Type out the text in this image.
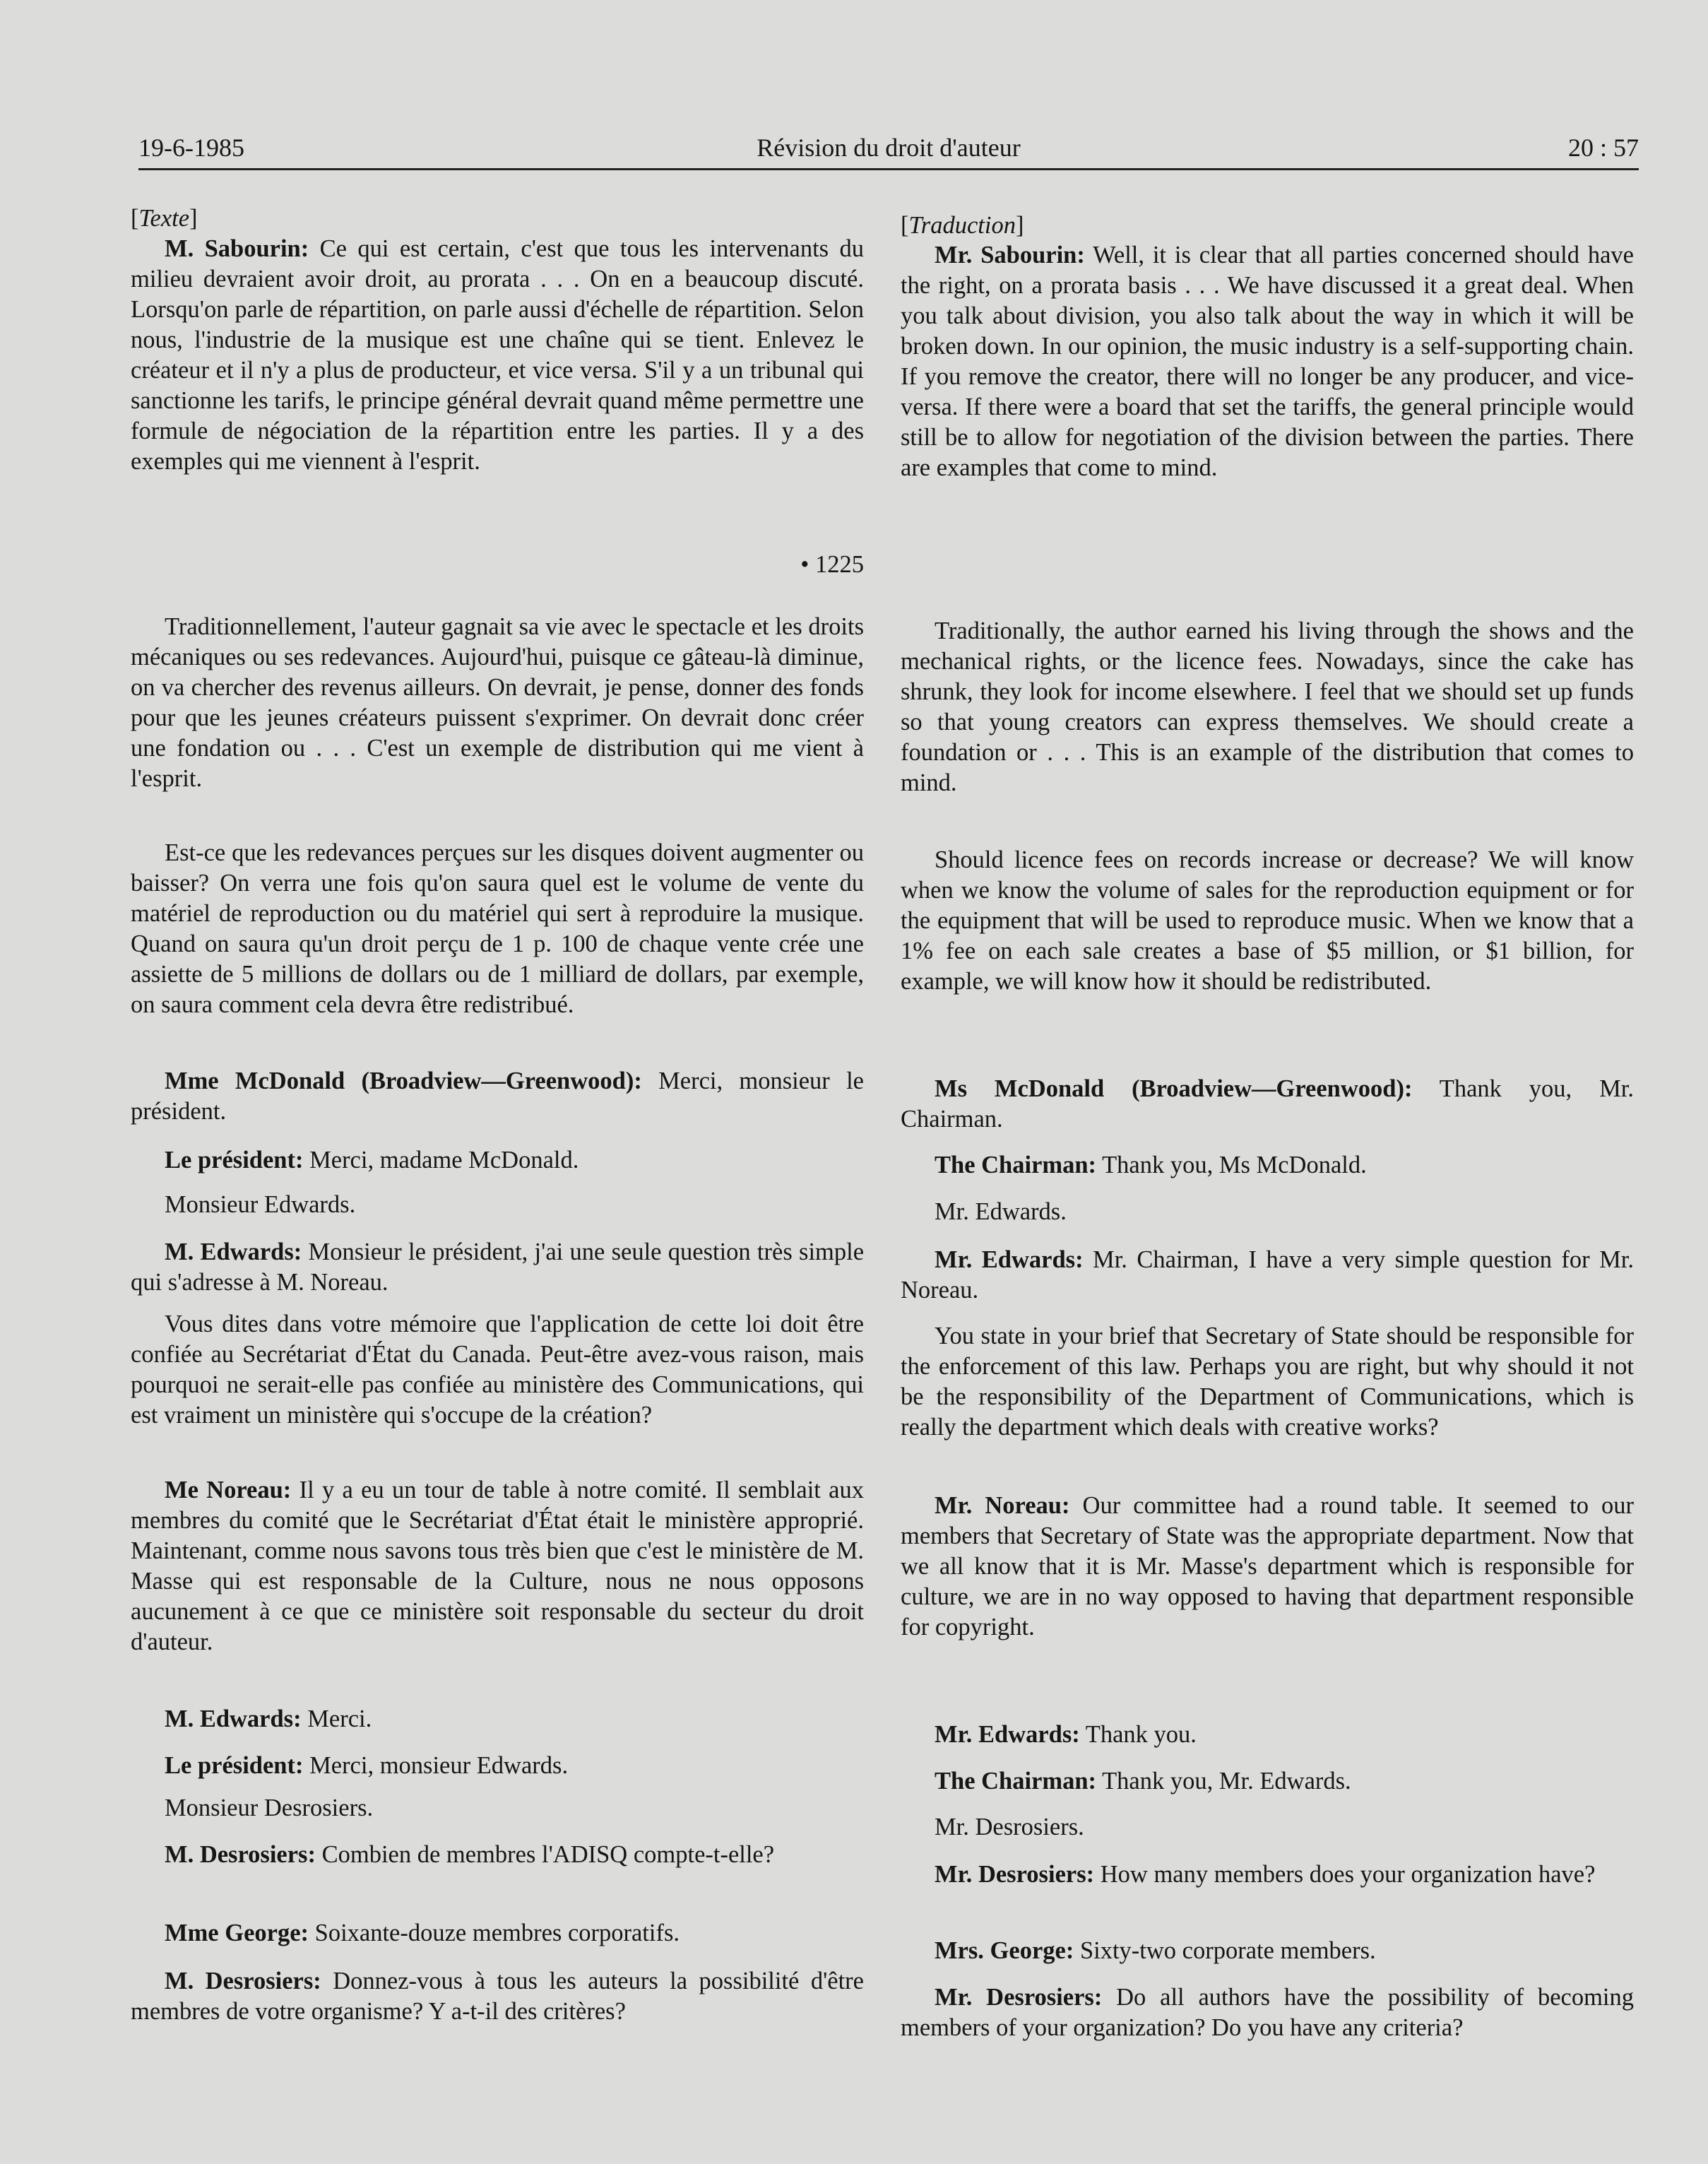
19-6-1985	Révision du droit d'auteur	20 : 57

[Texte]

M. Sabourin: Ce qui est certain, c'est que tous les intervenants du milieu devraient avoir droit, au prorata . . . On en a beaucoup discuté. Lorsqu'on parle de répartition, on parle aussi d'échelle de répartition. Selon nous, l'industrie de la musique est une chaîne qui se tient. Enlevez le créateur et il n'y a plus de producteur, et vice versa. S'il y a un tribunal qui sanctionne les tarifs, le principe général devrait quand même permettre une formule de négociation de la répartition entre les parties. Il y a des exemples qui me viennent à l'esprit.

• 1225

Traditionnellement, l'auteur gagnait sa vie avec le spectacle et les droits mécaniques ou ses redevances. Aujourd'hui, puisque ce gâteau-là diminue, on va chercher des revenus ailleurs. On devrait, je pense, donner des fonds pour que les jeunes créateurs puissent s'exprimer. On devrait donc créer une fondation ou . . . C'est un exemple de distribution qui me vient à l'esprit.

Est-ce que les redevances perçues sur les disques doivent augmenter ou baisser? On verra une fois qu'on saura quel est le volume de vente du matériel de reproduction ou du matériel qui sert à reproduire la musique. Quand on saura qu'un droit perçu de 1 p. 100 de chaque vente crée une assiette de 5 millions de dollars ou de 1 milliard de dollars, par exemple, on saura comment cela devra être redistribué.

Mme McDonald (Broadview—Greenwood): Merci, monsieur le président.

Le président: Merci, madame McDonald.

Monsieur Edwards.

M. Edwards: Monsieur le président, j'ai une seule question très simple qui s'adresse à M. Noreau.

Vous dites dans votre mémoire que l'application de cette loi doit être confiée au Secrétariat d'État du Canada. Peut-être avez-vous raison, mais pourquoi ne serait-elle pas confiée au ministère des Communications, qui est vraiment un ministère qui s'occupe de la création?

Me Noreau: Il y a eu un tour de table à notre comité. Il semblait aux membres du comité que le Secrétariat d'État était le ministère approprié. Maintenant, comme nous savons tous très bien que c'est le ministère de M. Masse qui est responsable de la Culture, nous ne nous opposons aucunement à ce que ce ministère soit responsable du secteur du droit d'auteur.

M. Edwards: Merci.

Le président: Merci, monsieur Edwards.

Monsieur Desrosiers.

M. Desrosiers: Combien de membres l'ADISQ compte-t-elle?

Mme George: Soixante-douze membres corporatifs.

M. Desrosiers: Donnez-vous à tous les auteurs la possibilité d'être membres de votre organisme? Y a-t-il des critères?

[Traduction]

Mr. Sabourin: Well, it is clear that all parties concerned should have the right, on a prorata basis . . . We have discussed it a great deal. When you talk about division, you also talk about the way in which it will be broken down. In our opinion, the music industry is a self-supporting chain. If you remove the creator, there will no longer be any producer, and vice-versa. If there were a board that set the tariffs, the general principle would still be to allow for negotiation of the division between the parties. There are examples that come to mind.

Traditionally, the author earned his living through the shows and the mechanical rights, or the licence fees. Nowadays, since the cake has shrunk, they look for income elsewhere. I feel that we should set up funds so that young creators can express themselves. We should create a foundation or . . . This is an example of the distribution that comes to mind.

Should licence fees on records increase or decrease? We will know when we know the volume of sales for the reproduction equipment or for the equipment that will be used to reproduce music. When we know that a 1% fee on each sale creates a base of $5 million, or $1 billion, for example, we will know how it should be redistributed.

Ms McDonald (Broadview—Greenwood): Thank you, Mr. Chairman.

The Chairman: Thank you, Ms McDonald.

Mr. Edwards.

Mr. Edwards: Mr. Chairman, I have a very simple question for Mr. Noreau.

You state in your brief that Secretary of State should be responsible for the enforcement of this law. Perhaps you are right, but why should it not be the responsibility of the Department of Communications, which is really the department which deals with creative works?

Mr. Noreau: Our committee had a round table. It seemed to our members that Secretary of State was the appropriate department. Now that we all know that it is Mr. Masse's department which is responsible for culture, we are in no way opposed to having that department responsible for copyright.

Mr. Edwards: Thank you.

The Chairman: Thank you, Mr. Edwards.

Mr. Desrosiers.

Mr. Desrosiers: How many members does your organization have?

Mrs. George: Sixty-two corporate members.

Mr. Desrosiers: Do all authors have the possibility of becoming members of your organization? Do you have any criteria?
